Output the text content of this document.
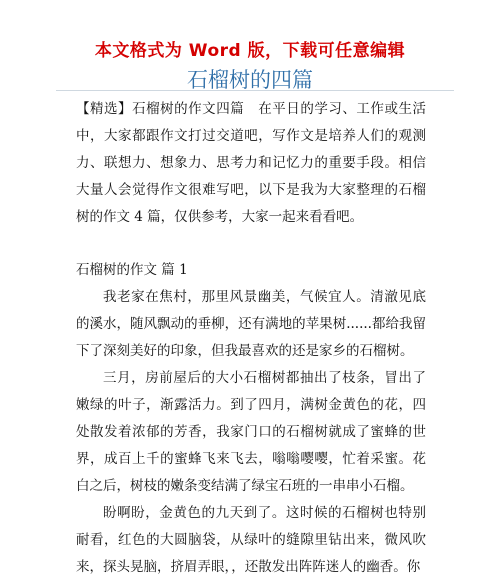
本文格式为 Word 版，下载可任意编辑
石榴树的四篇

【精选】石榴树的作文四篇　在平日的学习、工作或生活中，大家都跟作文打过交道吧，写作文是培养人们的观测力、联想力、想象力、思考力和记忆力的重要手段。相信大量人会觉得作文很难写吧，以下是我为大家整理的石榴树的作文 4 篇，仅供参考，大家一起来看看吧。

石榴树的作文 篇 1

我老家在焦村，那里风景幽美，气候宜人。清澈见底的溪水，随风飘动的垂柳，还有满地的苹果树......都给我留下了深刻美好的印象，但我最喜欢的还是家乡的石榴树。

三月，房前屋后的大小石榴树都抽出了枝条，冒出了嫩绿的叶子，渐露活力。到了四月，满树金黄色的花，四处散发着浓郁的芳香，我家门口的石榴树就成了蜜蜂的世界，成百上千的蜜蜂飞来飞去，嗡嗡嘤嘤，忙着采蜜。花白之后，树枝的嫩条变结满了绿宝石班的一串串小石榴。

盼啊盼，金黄色的九天到了。这时候的石榴树也特别耐看，红色的大圆脑袋，从绿叶的缝隙里钻出来，微风吹来，探头晃脑，挤眉弄眼，，还散发出阵阵迷人的幽香。你
